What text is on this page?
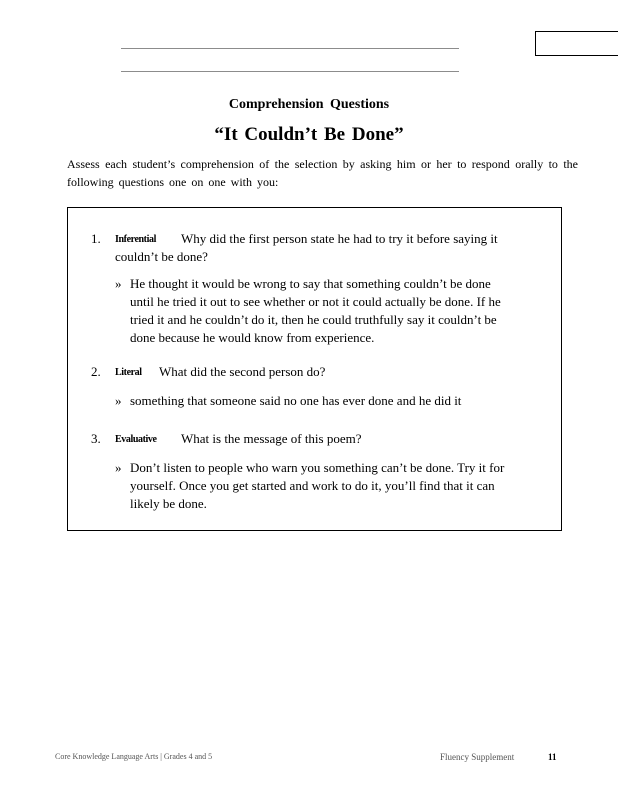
Comprehension Questions
“It Couldn’t Be Done”
Assess each student’s comprehension of the selection by asking him or her to respond orally to the following questions one on one with you:
1. Inferential Why did the first person state he had to try it before saying it
couldn’t be done?
» He thought it would be wrong to say that something couldn’t be done
until he tried it out to see whether or not it could actually be done. If he
tried it and he couldn’t do it, then he could truthfully say it couldn’t be
done because he would know from experience.
2. Literal What did the second person do?
» something that someone said no one has ever done and he did it
3. Evaluative What is the message of this poem?
» Don’t listen to people who warn you something can’t be done. Try it for
yourself. Once you get started and work to do it, you’ll find that it can
likely be done.
Core Knowledge Language Arts | Grades 4 and 5	Fluency Supplement	11
